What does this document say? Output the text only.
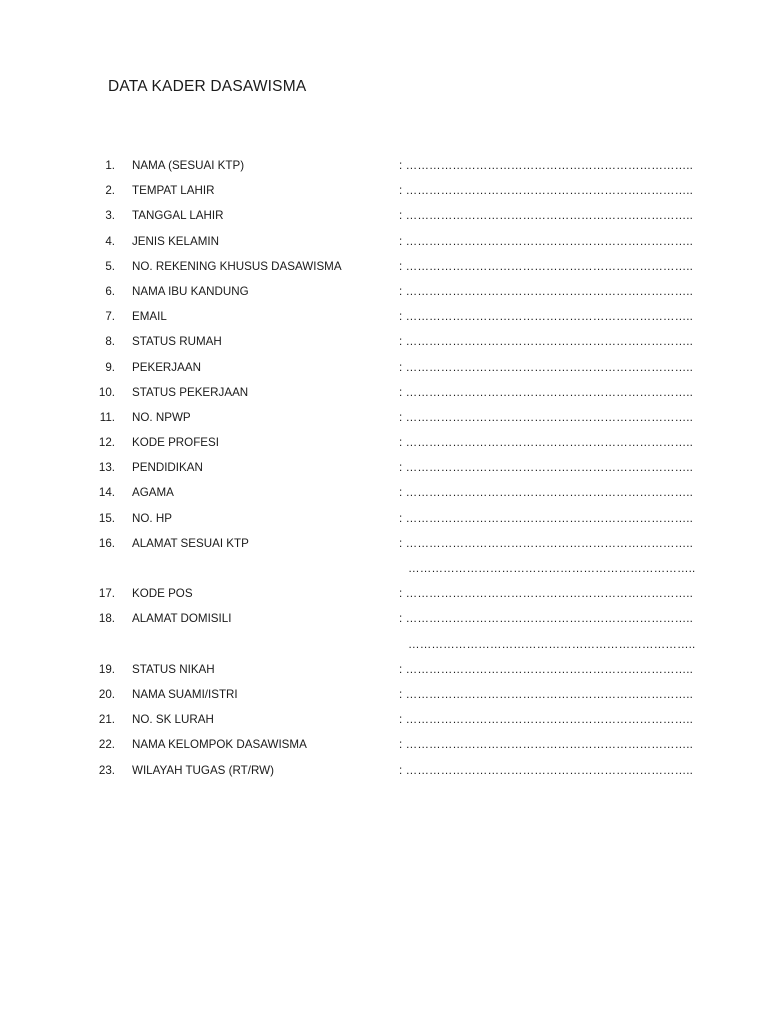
DATA KADER DASAWISMA
1. NAMA (SESUAI KTP)	: ………………………………………………………………..
2. TEMPAT LAHIR	: ………………………………………………………………..
3. TANGGAL LAHIR	: ………………………………………………………………..
4. JENIS KELAMIN	: ………………………………………………………………..
5. NO. REKENING KHUSUS DASAWISMA	: ………………………………………………………………..
6. NAMA IBU KANDUNG	: ………………………………………………………………..
7. EMAIL	: ………………………………………………………………..
8. STATUS RUMAH	: ………………………………………………………………..
9. PEKERJAAN	: ………………………………………………………………..
10. STATUS PEKERJAAN	: ………………………………………………………………..
11. NO. NPWP	: ………………………………………………………………..
12. KODE PROFESI	: ………………………………………………………………..
13. PENDIDIKAN	: ………………………………………………………………..
14. AGAMA	: ………………………………………………………………..
15. NO. HP	: ………………………………………………………………..
16. ALAMAT SESUAI KTP	: ………………………………………………………………..
………………………………………………………………..
17. KODE POS	: ………………………………………………………………..
18. ALAMAT DOMISILI	: ………………………………………………………………..
………………………………………………………………..
19. STATUS NIKAH	: ………………………………………………………………..
20. NAMA SUAMI/ISTRI	: ………………………………………………………………..
21. NO. SK LURAH	: ………………………………………………………………..
22. NAMA KELOMPOK DASAWISMA	: ………………………………………………………………..
23. WILAYAH TUGAS (RT/RW)	: ………………………………………………………………..
